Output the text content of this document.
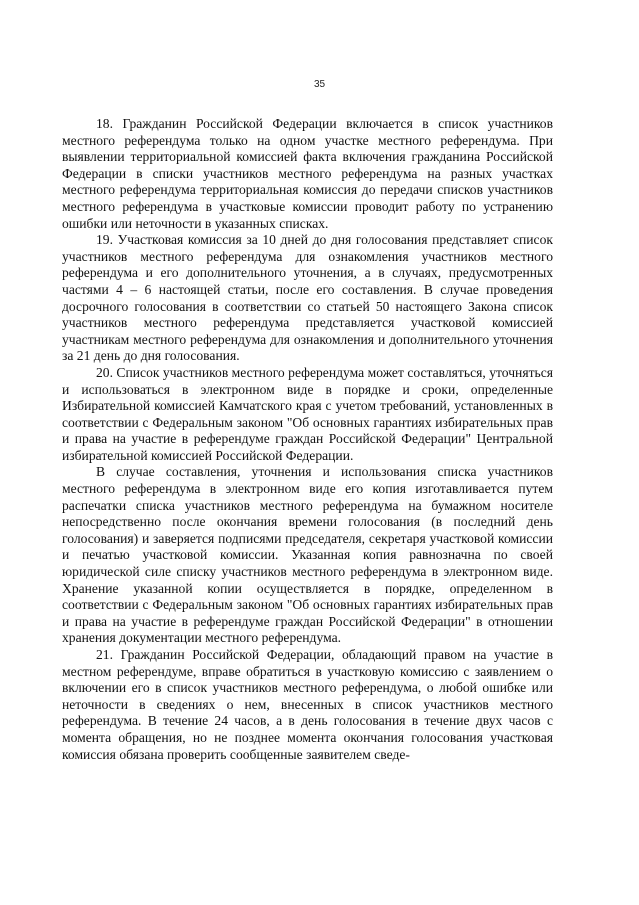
35

18. Гражданин Российской Федерации включается в список участников местного референдума только на одном участке местного референдума. При выявлении территориальной комиссией факта включения гражданина Российской Федерации в списки участников местного референдума на разных участках местного референдума территориальная комиссия до передачи списков участников местного референдума в участковые комиссии проводит работу по устранению ошибки или неточности в указанных списках.

19. Участковая комиссия за 10 дней до дня голосования представляет список участников местного референдума для ознакомления участников местного референдума и его дополнительного уточнения, а в случаях, предусмотренных частями 4 – 6 настоящей статьи, после его составления. В случае проведения досрочного голосования в соответствии со статьей 50 настоящего Закона список участников местного референдума представляется участковой комиссией участникам местного референдума для ознакомления и дополнительного уточнения за 21 день до дня голосования.

20. Список участников местного референдума может составляться, уточняться и использоваться в электронном виде в порядке и сроки, определенные Избирательной комиссией Камчатского края с учетом требований, установленных в соответствии с Федеральным законом "Об основных гарантиях избирательных прав и права на участие в референдуме граждан Российской Федерации" Центральной избирательной комиссией Российской Федерации.

В случае составления, уточнения и использования списка участников местного референдума в электронном виде его копия изготавливается путем распечатки списка участников местного референдума на бумажном носителе непосредственно после окончания времени голосования (в последний день голосования) и заверяется подписями председателя, секретаря участковой комиссии и печатью участковой комиссии. Указанная копия равнозначна по своей юридической силе списку участников местного референдума в электронном виде. Хранение указанной копии осуществляется в порядке, определенном в соответствии с Федеральным законом "Об основных гарантиях избирательных прав и права на участие в референдуме граждан Российской Федерации" в отношении хранения документации местного референдума.

21. Гражданин Российской Федерации, обладающий правом на участие в местном референдуме, вправе обратиться в участковую комиссию с заявлением о включении его в список участников местного референдума, о любой ошибке или неточности в сведениях о нем, внесенных в список участников местного референдума. В течение 24 часов, а в день голосования в течение двух часов с момента обращения, но не позднее момента окончания голосования участковая комиссия обязана проверить сообщенные заявителем сведе-
